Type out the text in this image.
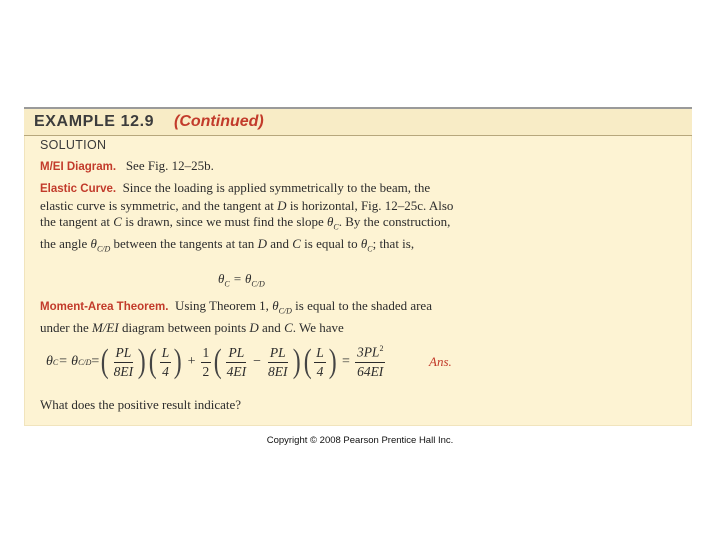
EXAMPLE 12.9	(Continued)
SOLUTION
M/EI Diagram. See Fig. 12–25b.
Elastic Curve. Since the loading is applied symmetrically to the beam, the elastic curve is symmetric, and the tangent at D is horizontal, Fig. 12–25c. Also the tangent at C is drawn, since we must find the slope $\theta_C$. By the construction, the angle $\theta_{C/D}$ between the tangents at tan D and C is equal to $\theta_C$; that is,
$\theta_C = \theta_{C/D}$
Moment-Area Theorem. Using Theorem 1, $\theta_{C/D}$ is equal to the shaded area under the M/EI diagram between points D and C. We have
θ C = θ C/D = ( $\frac{PL}{8EI}$ ) ( $\frac{L}{4}$ ) + $\frac{1}{2}$ ( $\frac{PL}{4EI} - \frac{PL}{8EI}$ ) ( $\frac{L}{4}$ ) = $\frac{3PL^2}{64EI}$	Ans.
What does the positive result indicate?
Copyright © 2008 Pearson Prentice Hall Inc.
